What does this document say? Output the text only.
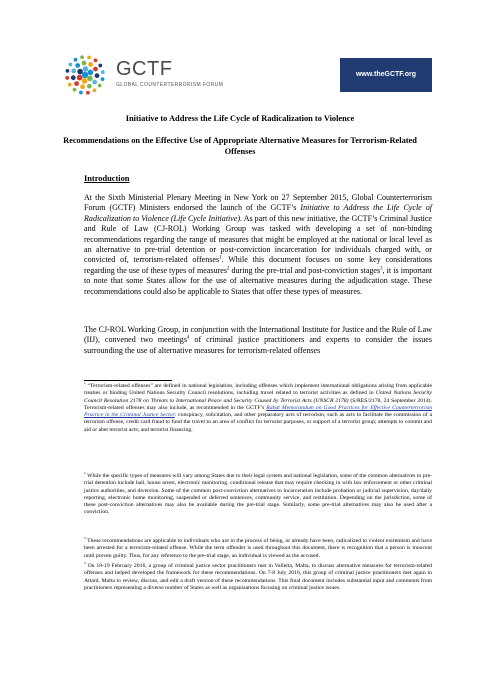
GCTF
GLOBAL COUNTERTERRORISM FORUM
www.theGCTF.org

Initiative to Address the Life Cycle of Radicalization to Violence

Recommendations on the Effective Use of Appropriate Alternative Measures for Terrorism-Related Offenses

Introduction

At the Sixth Ministerial Plenary Meeting in New York on 27 September 2015, Global Counterterrorism Forum (GCTF) Ministers endorsed the launch of the GCTF’s Initiative to Address the Life Cycle of Radicalization to Violence (Life Cycle Initiative). As part of this new initiative, the GCTF’s Criminal Justice and Rule of Law (CJ-ROL) Working Group was tasked with developing a set of non-binding recommendations regarding the range of measures that might be employed at the national or local level as an alternative to pre-trial detention or post-conviction incarceration for individuals charged with, or convicted of, terrorism-related offenses$^1$. While this document focuses on some key considerations regarding the use of these types of measures$^2$ during the pre-trial and post-conviction stages$^3$, it is important to note that some States allow for the use of alternative measures during the adjudication stage. These recommendations could also be applicable to States that offer these types of measures.

The CJ-ROL Working Group, in conjunction with the International Institute for Justice and the Rule of Law (IIJ), convened two meetings$^4$ of criminal justice practitioners and experts to consider the issues surrounding the use of alternative measures for terrorism-related offenses

$^1$ “Terrorism-related offenses” are defined in national legislation, including offenses which implement international obligations arising from applicable treaties or binding United Nations Security Council resolutions, including travel related to terrorist activities as defined in United Nations Security Council Resolution 2178 on Threats to International Peace and Security Caused by Terrorist Acts (UNSCR 2178) (S/RES/2178, 24 September 2014). Terrorism-related offenses may also include, as recommended in the GCTF’s Rabat Memorandum on Good Practices for Effective Counterterrorism Practice in the Criminal Justice Sector: conspiracy, solicitation, and other preparatory acts of terrorism, such as acts to facilitate the commission of a terrorism offense, credit card fraud to fund the travel to an area of conflict for terrorist purposes, or support of a terrorist group; attempts to commit and aid or abet terrorist acts; and terrorist financing.

$^2$ While the specific types of measures will vary among States due to their legal system and national legislation, some of the common alternatives to pre-trial detention include bail, house arrest, electronic monitoring, conditional release that may require checking in with law enforcement or other criminal justice authorities, and diversion. Some of the common post-conviction alternatives to incarceration include probation or judicial supervision, day/daily reporting, electronic home monitoring, suspended or deferred sentences, community service, and restitution. Depending on the jurisdiction, some of these post-conviction alternatives may also be available during the pre-trial stage. Similarly, some pre-trial alternatives may also be used after a conviction.

$^3$ These recommendations are applicable to individuals who are in the process of being, or already have been, radicalized to violent extremism and have been arrested for a terrorism-related offense. While the term offender is used throughout this document, there is recognition that a person is innocent until proven guilty. Thus, for any reference to the pre-trial stage, an individual is viewed as the accused.

$^4$ On 18-19 February 2016, a group of criminal justice sector practitioners met in Valletta, Malta, to discuss alternative measures for terrorism-related offenses and helped developed the framework for these recommendations. On 7-8 July 2016, this group of criminal justice practitioners met again in Attard, Malta to review, discuss, and edit a draft version of these recommendations. This final document includes substantial input and comments from practitioners representing a diverse number of States as well as organizations focusing on criminal justice issues.
